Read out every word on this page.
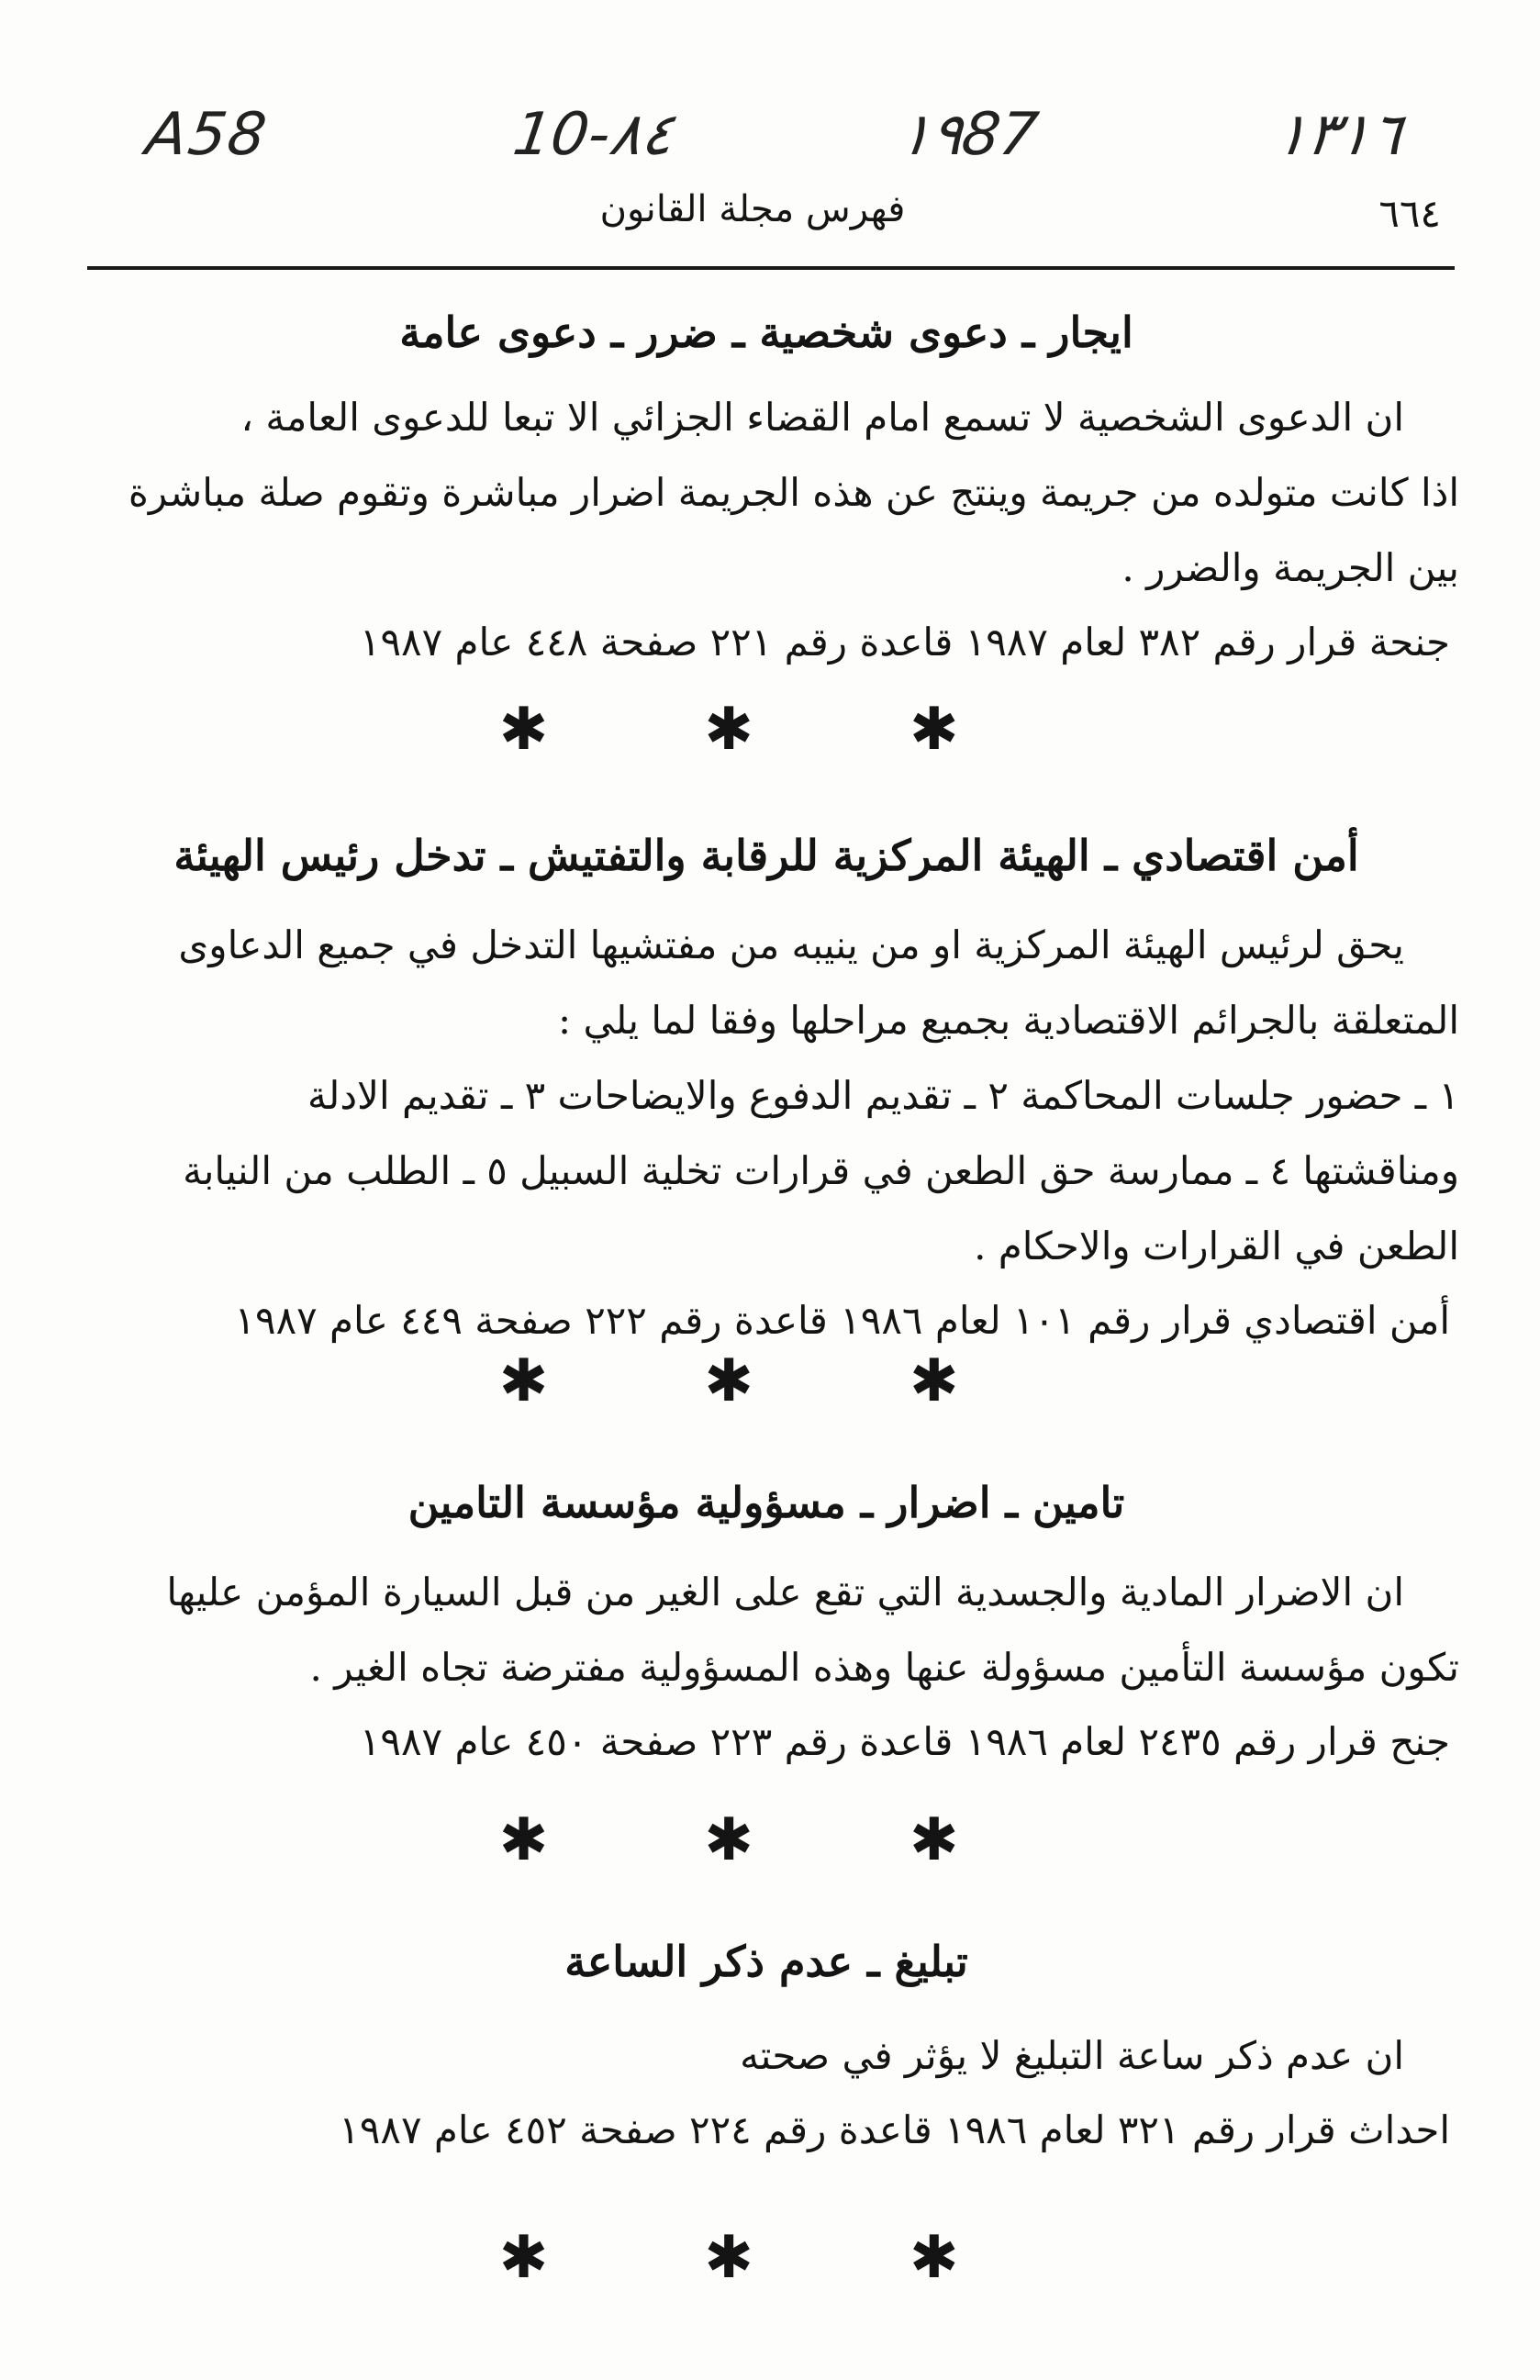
A58	10-٨٤	١٩87	١٣١٦
فهرس مجلة القانون	٦٦٤
ايجار ـ دعوى شخصية ـ ضرر ـ دعوى عامة

ان الدعوى الشخصية لا تسمع امام القضاء الجزائي الا تبعا للدعوى العامة ،
اذا كانت متولده من جريمة وينتج عن هذه الجريمة اضرار مباشرة وتقوم صلة مباشرة
بين الجريمة والضرر .

جنحة قرار رقم ٣٨٢ لعام ١٩٨٧ قاعدة رقم ٢٢١ صفحة ٤٤٨ عام ١٩٨٧

✱ ✱ ✱
أمن اقتصادي ـ الهيئة المركزية للرقابة والتفتيش ـ تدخل رئيس الهيئة

يحق لرئيس الهيئة المركزية او من ينيبه من مفتشيها التدخل في جميع الدعاوى
المتعلقة بالجرائم الاقتصادية بجميع مراحلها وفقا لما يلي :

١ ـ حضور جلسات المحاكمة ٢ ـ تقديم الدفوع والايضاحات ٣ ـ تقديم الادلة
ومناقشتها ٤ ـ ممارسة حق الطعن في قرارات تخلية السبيل ٥ ـ الطلب من النيابة
الطعن في القرارات والاحكام .

أمن اقتصادي قرار رقم ١٠١ لعام ١٩٨٦ قاعدة رقم ٢٢٢ صفحة ٤٤٩ عام ١٩٨٧

✱ ✱ ✱
تامين ـ اضرار ـ مسؤولية مؤسسة التامين

ان الاضرار المادية والجسدية التي تقع على الغير من قبل السيارة المؤمن عليها
تكون مؤسسة التأمين مسؤولة عنها وهذه المسؤولية مفترضة تجاه الغير .

جنح قرار رقم ٢٤٣٥ لعام ١٩٨٦ قاعدة رقم ٢٢٣ صفحة ٤٥٠ عام ١٩٨٧

✱ ✱ ✱
تبليغ ـ عدم ذكر الساعة

ان عدم ذكر ساعة التبليغ لا يؤثر في صحته

احداث قرار رقم ٣٢١ لعام ١٩٨٦ قاعدة رقم ٢٢٤ صفحة ٤٥٢ عام ١٩٨٧

✱ ✱ ✱
